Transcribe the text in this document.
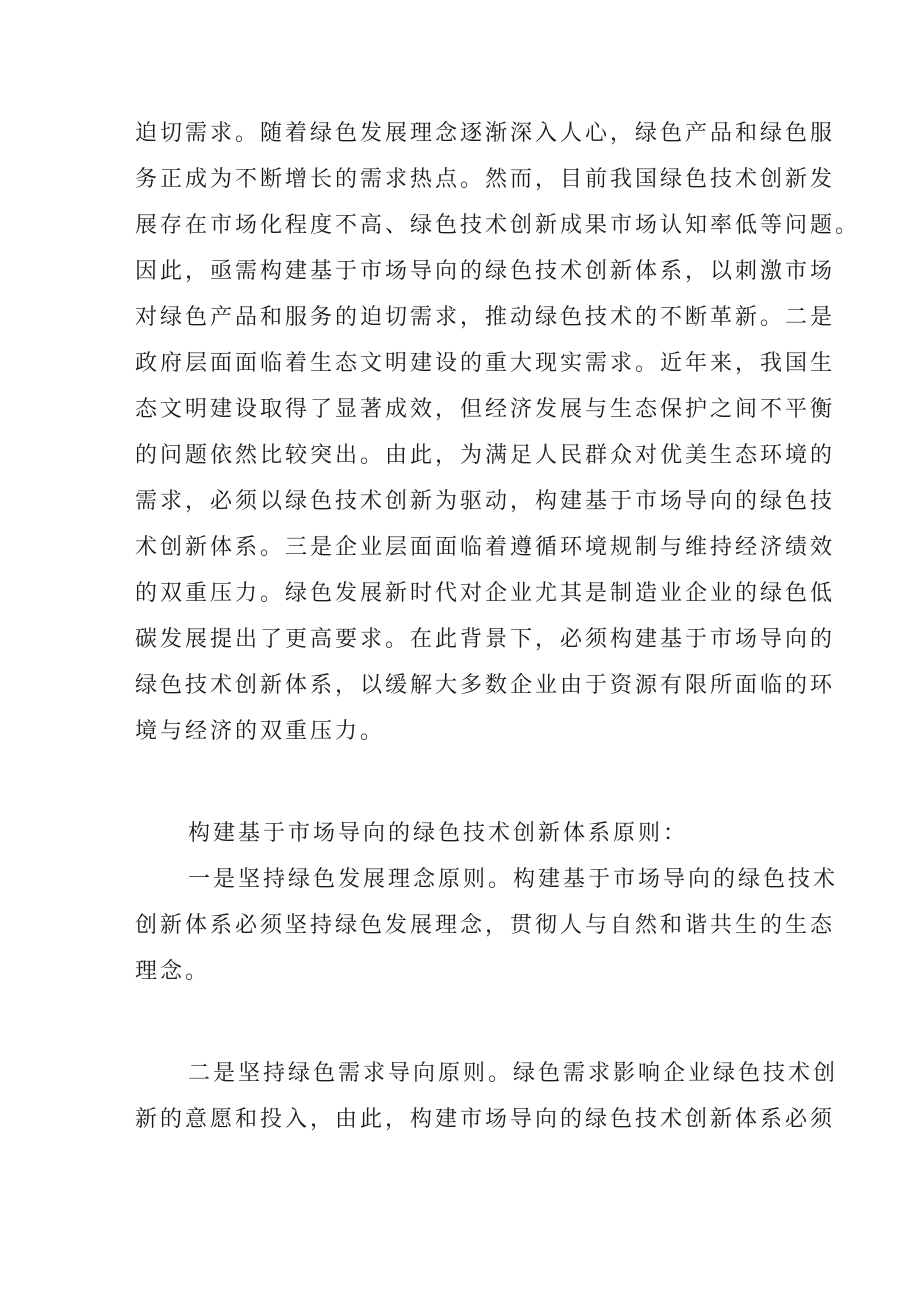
迫切需求。随着绿色发展理念逐渐深入人心，绿色产品和绿色服
务正成为不断增长的需求热点。然而，目前我国绿色技术创新发
展存在市场化程度不高、绿色技术创新成果市场认知率低等问题。
因此，亟需构建基于市场导向的绿色技术创新体系，以刺激市场
对绿色产品和服务的迫切需求，推动绿色技术的不断革新。二是
政府层面面临着生态文明建设的重大现实需求。近年来，我国生
态文明建设取得了显著成效，但经济发展与生态保护之间不平衡
的问题依然比较突出。由此，为满足人民群众对优美生态环境的
需求，必须以绿色技术创新为驱动，构建基于市场导向的绿色技
术创新体系。三是企业层面面临着遵循环境规制与维持经济绩效
的双重压力。绿色发展新时代对企业尤其是制造业企业的绿色低
碳发展提出了更高要求。在此背景下，必须构建基于市场导向的
绿色技术创新体系，以缓解大多数企业由于资源有限所面临的环
境与经济的双重压力。
构建基于市场导向的绿色技术创新体系原则：
一是坚持绿色发展理念原则。构建基于市场导向的绿色技术
创新体系必须坚持绿色发展理念，贯彻人与自然和谐共生的生态
理念。
二是坚持绿色需求导向原则。绿色需求影响企业绿色技术创
新的意愿和投入，由此，构建市场导向的绿色技术创新体系必须
